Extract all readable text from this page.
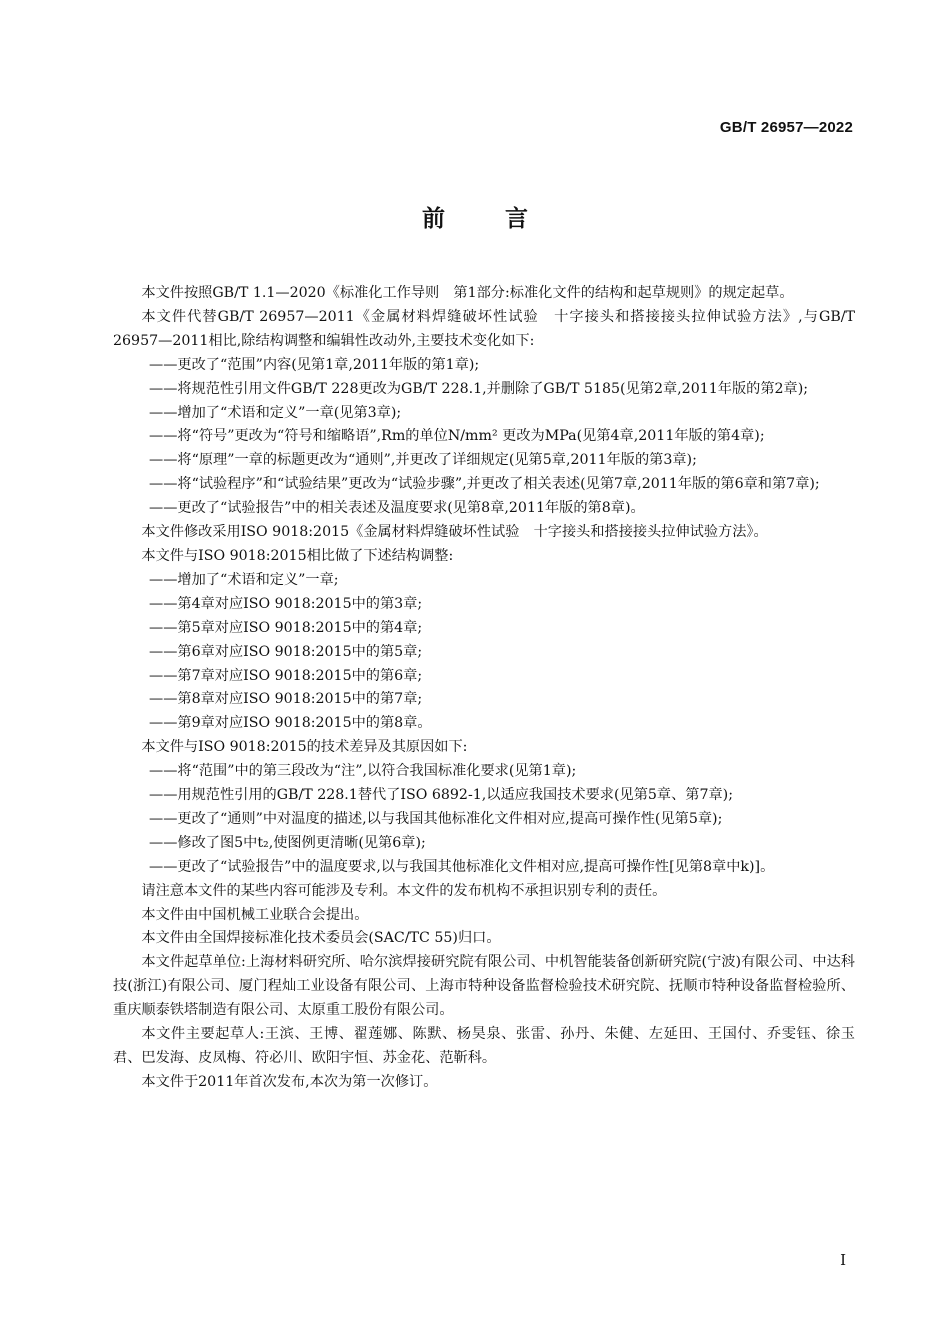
GB/T 26957—2022
前言

本文件按照GB/T 1.1—2020《标准化工作导则　第1部分:标准化文件的结构和起草规则》的规定起草。

本文件代替GB/T 26957—2011《金属材料焊缝破坏性试验　十字接头和搭接接头拉伸试验方法》,与GB/T 26957—2011相比,除结构调整和编辑性改动外,主要技术变化如下:

——更改了“范围”内容(见第1章,2011年版的第1章);

——将规范性引用文件GB/T 228更改为GB/T 228.1,并删除了GB/T 5185(见第2章,2011年版的第2章);

——增加了“术语和定义”一章(见第3章);

——将“符号”更改为“符号和缩略语”,Rm的单位N/mm² 更改为MPa(见第4章,2011年版的第4章);

——将“原理”一章的标题更改为“通则”,并更改了详细规定(见第5章,2011年版的第3章);

——将“试验程序”和“试验结果”更改为“试验步骤”,并更改了相关表述(见第7章,2011年版的第6章和第7章);

——更改了“试验报告”中的相关表述及温度要求(见第8章,2011年版的第8章)。

本文件修改采用ISO 9018:2015《金属材料焊缝破坏性试验　十字接头和搭接接头拉伸试验方法》。

本文件与ISO 9018:2015相比做了下述结构调整:

——增加了“术语和定义”一章;

——第4章对应ISO 9018:2015中的第3章;

——第5章对应ISO 9018:2015中的第4章;

——第6章对应ISO 9018:2015中的第5章;

——第7章对应ISO 9018:2015中的第6章;

——第8章对应ISO 9018:2015中的第7章;

——第9章对应ISO 9018:2015中的第8章。

本文件与ISO 9018:2015的技术差异及其原因如下:

——将“范围”中的第三段改为“注”,以符合我国标准化要求(见第1章);

——用规范性引用的GB/T 228.1替代了ISO 6892-1,以适应我国技术要求(见第5章、第7章);

——更改了“通则”中对温度的描述,以与我国其他标准化文件相对应,提高可操作性(见第5章);

——修改了图5中t₂,使图例更清晰(见第6章);

——更改了“试验报告”中的温度要求,以与我国其他标准化文件相对应,提高可操作性[见第8章中k)]。

请注意本文件的某些内容可能涉及专利。本文件的发布机构不承担识别专利的责任。

本文件由中国机械工业联合会提出。

本文件由全国焊接标准化技术委员会(SAC/TC 55)归口。

本文件起草单位:上海材料研究所、哈尔滨焊接研究院有限公司、中机智能装备创新研究院(宁波)有限公司、中达科技(浙江)有限公司、厦门程灿工业设备有限公司、上海市特种设备监督检验技术研究院、抚顺市特种设备监督检验所、重庆顺泰铁塔制造有限公司、太原重工股份有限公司。

本文件主要起草人:王滨、王博、翟莲娜、陈默、杨昊泉、张雷、孙丹、朱健、左延田、王国付、乔雯钰、徐玉君、巴发海、皮凤梅、符必川、欧阳宇恒、苏金花、范靳科。

本文件于2011年首次发布,本次为第一次修订。

I
